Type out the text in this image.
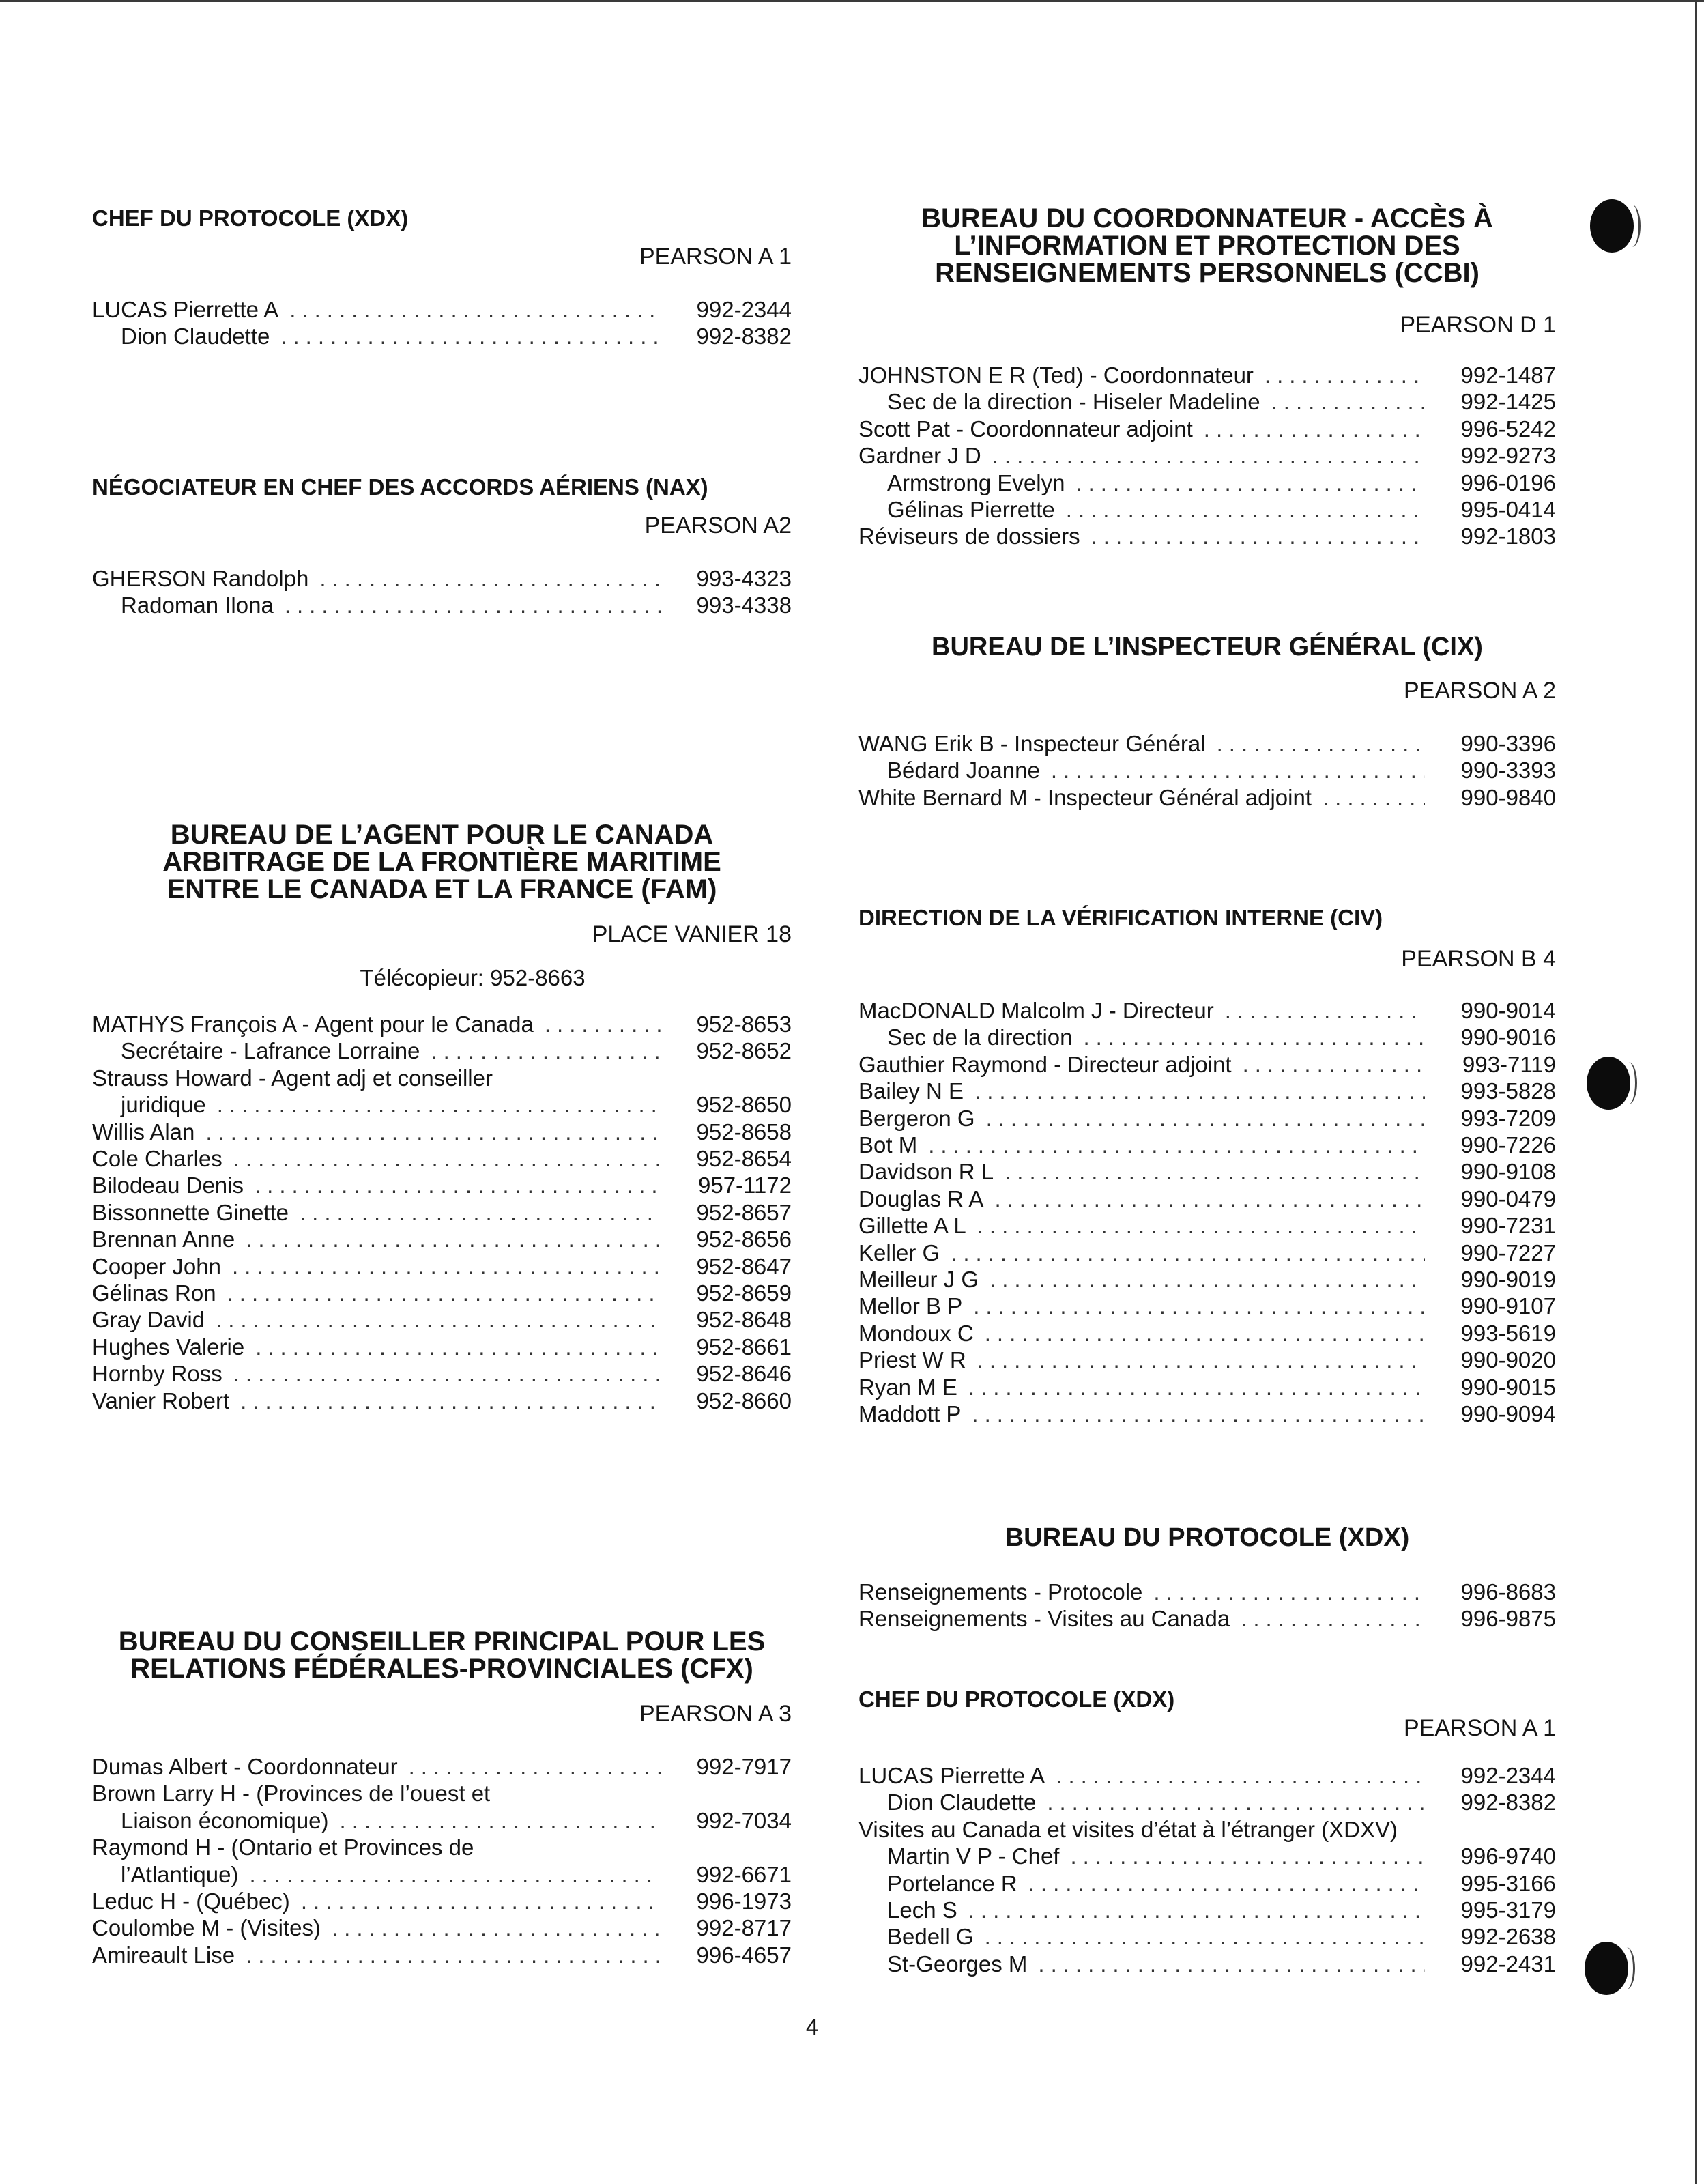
CHEF DU PROTOCOLE (XDX)
PEARSON A 1
LUCAS Pierrette A .....	992-2344
Dion Claudette .....	992-8382
NÉGOCIATEUR EN CHEF DES ACCORDS AÉRIENS (NAX)
PEARSON A2
GHERSON Randolph .....	993-4323
Radoman Ilona .....	993-4338
BUREAU DE L’AGENT POUR LE CANADA
ARBITRAGE DE LA FRONTIÈRE MARITIME
ENTRE LE CANADA ET LA FRANCE (FAM)
PLACE VANIER 18
Télécopieur: 952-8663
MATHYS François A - Agent pour le Canada .....	952-8653
Secrétaire - Lafrance Lorraine .....	952-8652
Strauss Howard - Agent adj et conseiller
juridique .....	952-8650
Willis Alan .....	952-8658
Cole Charles .....	952-8654
Bilodeau Denis .....	957-1172
Bissonnette Ginette .....	952-8657
Brennan Anne .....	952-8656
Cooper John .....	952-8647
Gélinas Ron .....	952-8659
Gray David .....	952-8648
Hughes Valerie .....	952-8661
Hornby Ross .....	952-8646
Vanier Robert .....	952-8660
BUREAU DU CONSEILLER PRINCIPAL POUR LES
RELATIONS FÉDÉRALES-PROVINCIALES (CFX)
PEARSON A 3
Dumas Albert - Coordonnateur .....	992-7917
Brown Larry H - (Provinces de l’ouest et
Liaison économique) .....	992-7034
Raymond H - (Ontario et Provinces de
l’Atlantique) .....	992-6671
Leduc H - (Québec) .....	996-1973
Coulombe M - (Visites) .....	992-8717
Amireault Lise .....	996-4657
BUREAU DU COORDONNATEUR - ACCÈS À
L’INFORMATION ET PROTECTION DES
RENSEIGNEMENTS PERSONNELS (CCBI)
PEARSON D 1
JOHNSTON E R (Ted) - Coordonnateur .....	992-1487
Sec de la direction - Hiseler Madeline .....	992-1425
Scott Pat - Coordonnateur adjoint .....	996-5242
Gardner J D .....	992-9273
Armstrong Evelyn .....	996-0196
Gélinas Pierrette .....	995-0414
Réviseurs de dossiers .....	992-1803
BUREAU DE L’INSPECTEUR GÉNÉRAL (CIX)
PEARSON A 2
WANG Erik B - Inspecteur Général .....	990-3396
Bédard Joanne .....	990-3393
White Bernard M - Inspecteur Général adjoint .....	990-9840
DIRECTION DE LA VÉRIFICATION INTERNE (CIV)
PEARSON B 4
MacDONALD Malcolm J - Directeur .....	990-9014
Sec de la direction .....	990-9016
Gauthier Raymond - Directeur adjoint .....	993-7119
Bailey N E .....	993-5828
Bergeron G .....	993-7209
Bot M .....	990-7226
Davidson R L .....	990-9108
Douglas R A .....	990-0479
Gillette A L .....	990-7231
Keller G .....	990-7227
Meilleur J G .....	990-9019
Mellor B P .....	990-9107
Mondoux C .....	993-5619
Priest W R .....	990-9020
Ryan M E .....	990-9015
Maddott P .....	990-9094
BUREAU DU PROTOCOLE (XDX)
Renseignements - Protocole .....	996-8683
Renseignements - Visites au Canada .....	996-9875
CHEF DU PROTOCOLE (XDX)
PEARSON A 1
LUCAS Pierrette A .....	992-2344
Dion Claudette .....	992-8382
Visites au Canada et visites d’état à l’étranger (XDXV)
Martin V P - Chef .....	996-9740
Portelance R .....	995-3166
Lech S .....	995-3179
Bedell G .....	992-2638
St-Georges M .....	992-2431
4
